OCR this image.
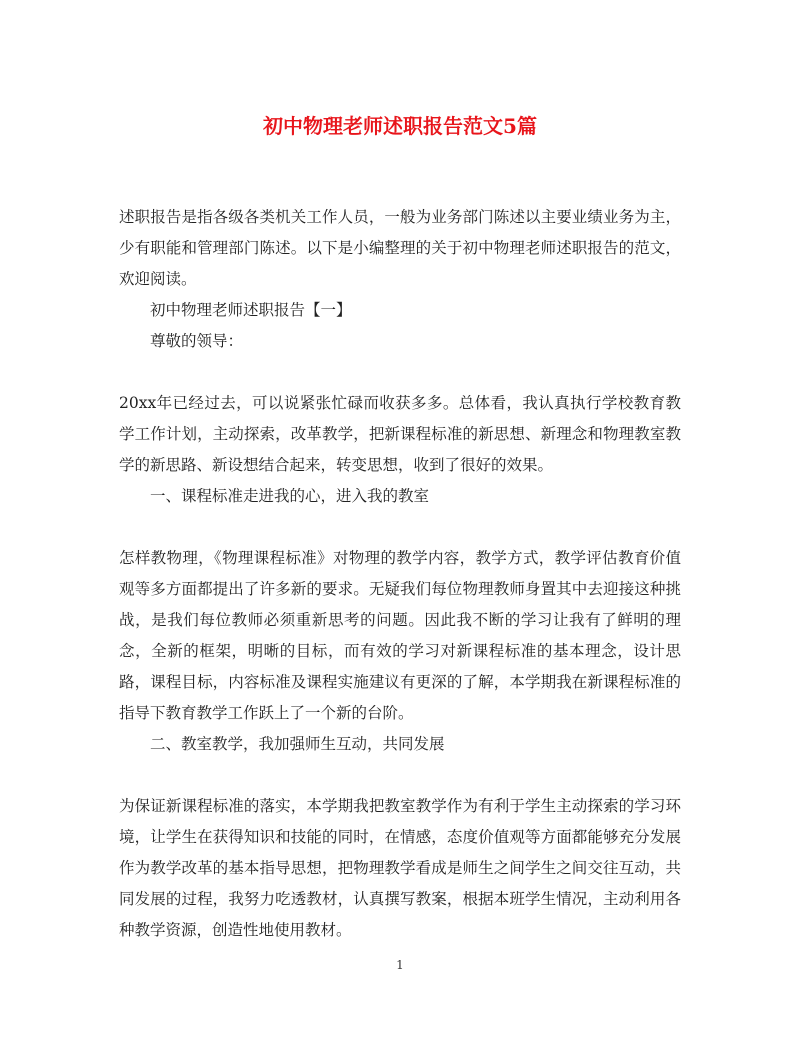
初中物理老师述职报告范文5篇
述职报告是指各级各类机关工作人员，一般为业务部门陈述以主要业绩业务为主，少有职能和管理部门陈述。以下是小编整理的关于初中物理老师述职报告的范文，欢迎阅读。
初中物理老师述职报告【一】
尊敬的领导：
20xx年已经过去，可以说紧张忙碌而收获多多。总体看，我认真执行学校教育教学工作计划，主动探索，改革教学，把新课程标准的新思想、新理念和物理教室教学的新思路、新设想结合起来，转变思想，收到了很好的效果。
一、课程标准走进我的心，进入我的教室
怎样教物理，《物理课程标准》对物理的教学内容，教学方式，教学评估教育价值观等多方面都提出了许多新的要求。无疑我们每位物理教师身置其中去迎接这种挑战，是我们每位教师必须重新思考的问题。因此我不断的学习让我有了鲜明的理念，全新的框架，明晰的目标，而有效的学习对新课程标准的基本理念，设计思路，课程目标，内容标准及课程实施建议有更深的了解，本学期我在新课程标准的指导下教育教学工作跃上了一个新的台阶。
二、教室教学，我加强师生互动，共同发展
为保证新课程标准的落实，本学期我把教室教学作为有利于学生主动探索的学习环境，让学生在获得知识和技能的同时，在情感，态度价值观等方面都能够充分发展作为教学改革的基本指导思想，把物理教学看成是师生之间学生之间交往互动，共同发展的过程，我努力吃透教材，认真撰写教案，根据本班学生情况，主动利用各种教学资源，创造性地使用教材。
1
